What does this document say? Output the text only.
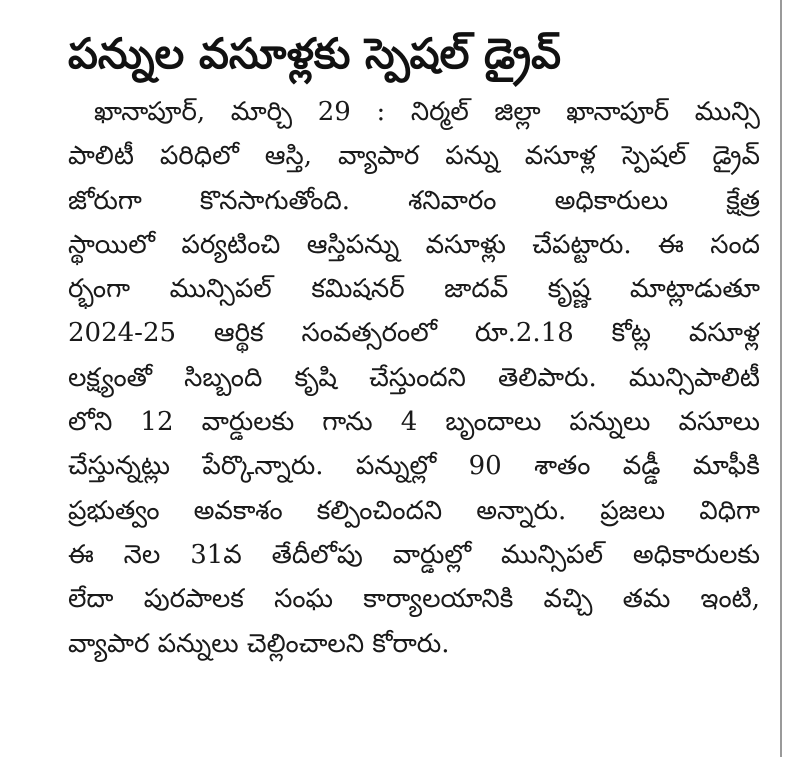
పన్నుల వసూళ్లకు స్పెషల్ డ్రైవ్
ఖానాపూర్, మార్చి 29 : నిర్మల్ జిల్లా ఖానాపూర్ మున్సి
పాలిటీ పరిధిలో ఆస్తి, వ్యాపార పన్ను వసూళ్ల స్పెషల్ డ్రైవ్
జోరుగా కొనసాగుతోంది. శనివారం అధికారులు క్షేత్ర
స్థాయిలో పర్యటించి ఆస్తిపన్ను వసూళ్లు చేపట్టారు. ఈ సంద
ర్భంగా మున్సిపల్ కమిషనర్ జాదవ్ కృష్ణ మాట్లాడుతూ
2024-25 ఆర్థిక సంవత్సరంలో రూ.2.18 కోట్ల వసూళ్ల
లక్ష్యంతో సిబ్బంది కృషి చేస్తుందని తెలిపారు. మున్సిపాలిటీ
లోని 12 వార్డులకు గాను 4 బృందాలు పన్నులు వసూలు
చేస్తున్నట్లు పేర్కొన్నారు. పన్నుల్లో 90 శాతం వడ్డీ మాఫీకి
ప్రభుత్వం అవకాశం కల్పించిందని అన్నారు. ప్రజలు విధిగా
ఈ నెల 31వ తేదీలోపు వార్డుల్లో మున్సిపల్ అధికారులకు
లేదా పురపాలక సంఘ కార్యాలయానికి వచ్చి తమ ఇంటి,
వ్యాపార పన్నులు చెల్లించాలని కోరారు.
